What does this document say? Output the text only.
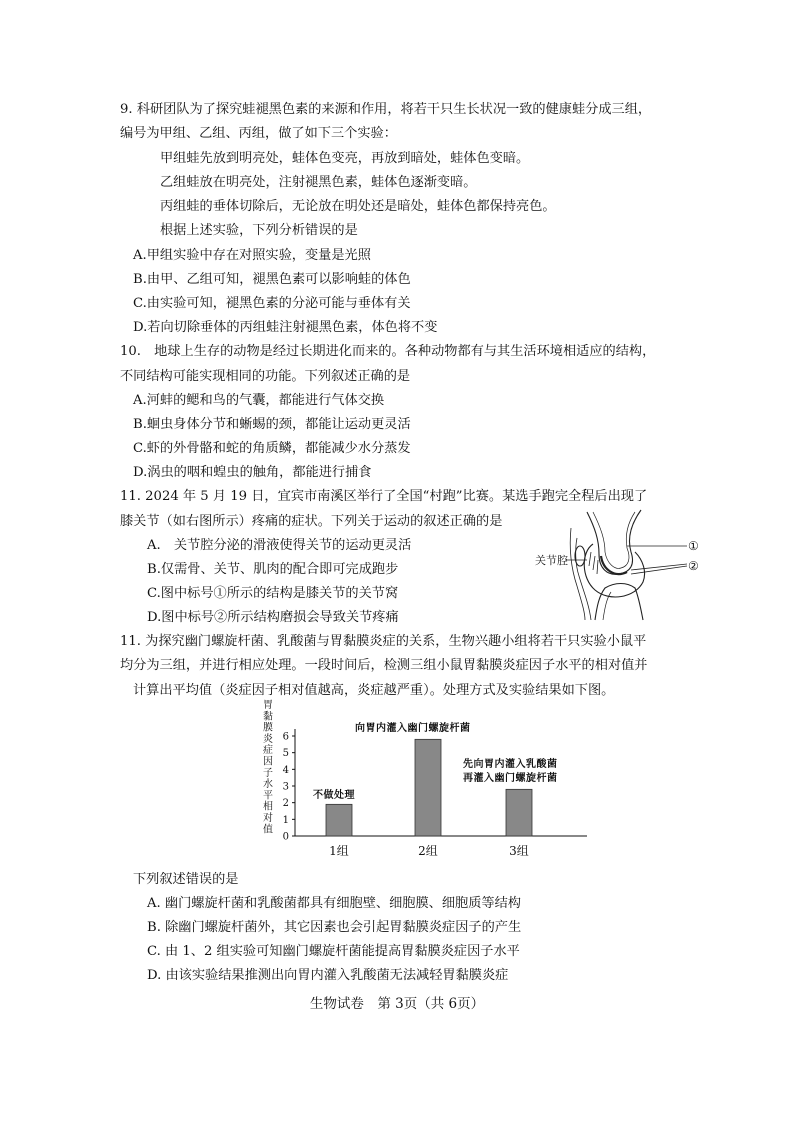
9. 科研团队为了探究蛙褪黑色素的来源和作用，将若干只生长状况一致的健康蛙分成三组，
编号为甲组、乙组、丙组，做了如下三个实验：
甲组蛙先放到明亮处，蛙体色变亮，再放到暗处，蛙体色变暗。
乙组蛙放在明亮处，注射褪黑色素，蛙体色逐渐变暗。
丙组蛙的垂体切除后，无论放在明处还是暗处，蛙体色都保持亮色。
根据上述实验，下列分析错误的是
A.甲组实验中存在对照实验，变量是光照
B.由甲、乙组可知，褪黑色素可以影响蛙的体色
C.由实验可知，褪黑色素的分泌可能与垂体有关
D.若向切除垂体的丙组蛙注射褪黑色素，体色将不变
10.　地球上生存的动物是经过长期进化而来的。各种动物都有与其生活环境相适应的结构，
不同结构可能实现相同的功能。下列叙述正确的是
A.河蚌的鳃和鸟的气囊，都能进行气体交换
B.蛔虫身体分节和蜥蜴的颈，都能让运动更灵活
C.虾的外骨骼和蛇的角质鳞，都能减少水分蒸发
D.涡虫的咽和蝗虫的触角，都能进行捕食
11. 2024 年 5 月 19 日，宜宾市南溪区举行了全国“村跑”比赛。某选手跑完全程后出现了
膝关节（如右图所示）疼痛的症状。下列关于运动的叙述正确的是
A.　关节腔分泌的滑液使得关节的运动更灵活
B.仅需骨、关节、肌肉的配合即可完成跑步
C.图中标号①所示的结构是膝关节的关节窝
D.图中标号②所示结构磨损会导致关节疼痛
关节腔
①
②
11. 为探究幽门螺旋杆菌、乳酸菌与胃黏膜炎症的关系，生物兴趣小组将若干只实验小鼠平
均分为三组，并进行相应处理。一段时间后，检测三组小鼠胃黏膜炎症因子水平的相对值并
计算出平均值（炎症因子相对值越高，炎症越严重）。处理方式及实验结果如下图。
胃
黏
膜
炎
症
因
子
水
平
相
对
值
0
1
2
3
4
5
6
1组	2组	3组
向胃内灌入幽门螺旋杆菌
不做处理
先向胃内灌入乳酸菌
再灌入幽门螺旋杆菌
下列叙述错误的是
A. 幽门螺旋杆菌和乳酸菌都具有细胞壁、细胞膜、细胞质等结构
B. 除幽门螺旋杆菌外，其它因素也会引起胃黏膜炎症因子的产生
C. 由 1、2 组实验可知幽门螺旋杆菌能提高胃黏膜炎症因子水平
D. 由该实验结果推测出向胃内灌入乳酸菌无法减轻胃黏膜炎症
生物试卷　第 3页（共 6页）
